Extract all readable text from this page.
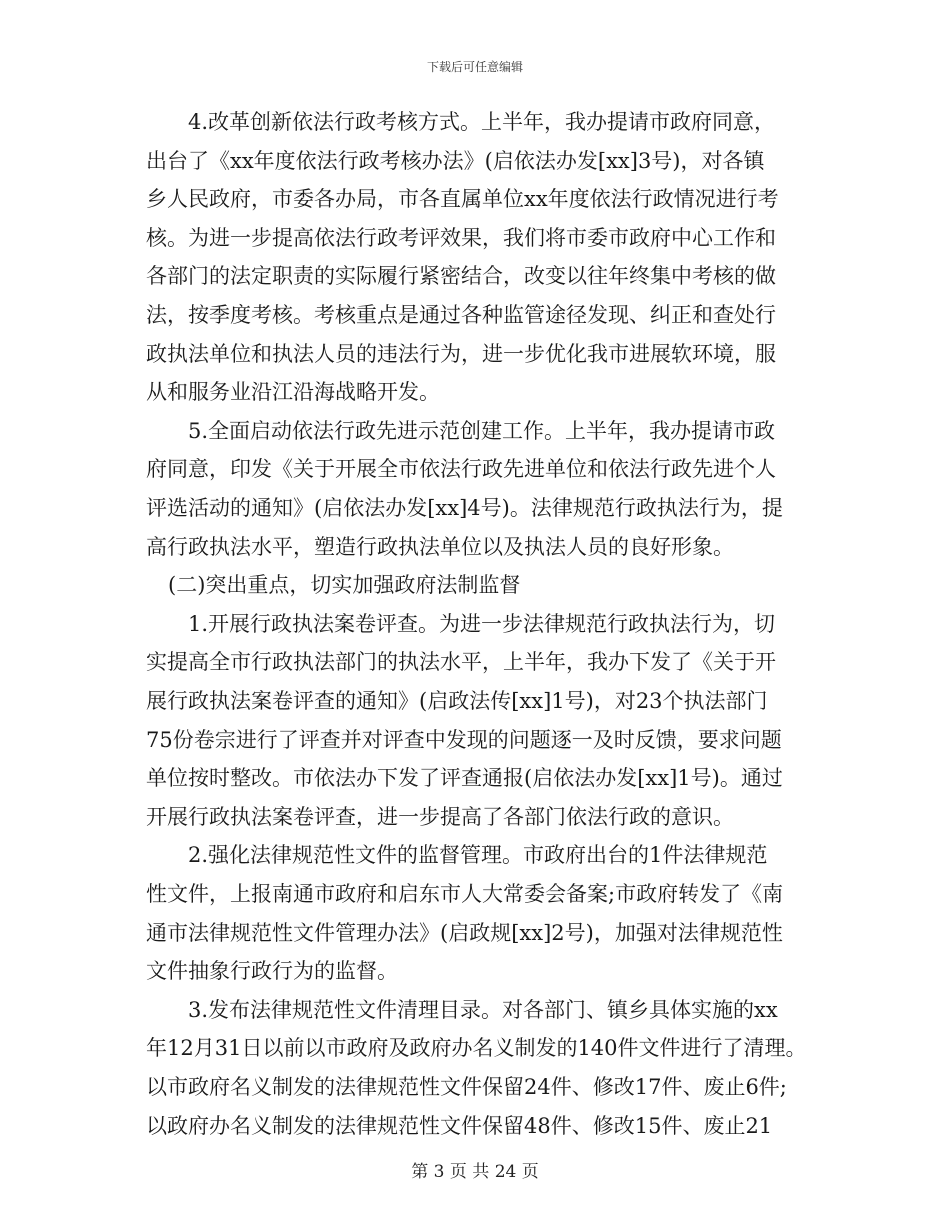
下载后可任意编辑
4.改革创新依法行政考核方式。上半年，我办提请市政府同意，
出台了《xx年度依法行政考核办法》(启依法办发[xx]3号)，对各镇
乡人民政府，市委各办局，市各直属单位xx年度依法行政情况进行考
核。为进一步提高依法行政考评效果，我们将市委市政府中心工作和
各部门的法定职责的实际履行紧密结合，改变以往年终集中考核的做
法，按季度考核。考核重点是通过各种监管途径发现、纠正和查处行
政执法单位和执法人员的违法行为，进一步优化我市进展软环境，服
从和服务业沿江沿海战略开发。
5.全面启动依法行政先进示范创建工作。上半年，我办提请市政
府同意，印发《关于开展全市依法行政先进单位和依法行政先进个人
评选活动的通知》(启依法办发[xx]4号)。法律规范行政执法行为，提
高行政执法水平，塑造行政执法单位以及执法人员的良好形象。
(二)突出重点，切实加强政府法制监督
1.开展行政执法案卷评查。为进一步法律规范行政执法行为，切
实提高全市行政执法部门的执法水平，上半年，我办下发了《关于开
展行政执法案卷评查的通知》(启政法传[xx]1号)，对23个执法部门
75份卷宗进行了评查并对评查中发现的问题逐一及时反馈，要求问题
单位按时整改。市依法办下发了评查通报(启依法办发[xx]1号)。通过
开展行政执法案卷评查，进一步提高了各部门依法行政的意识。
2.强化法律规范性文件的监督管理。市政府出台的1件法律规范
性文件，上报南通市政府和启东市人大常委会备案;市政府转发了《南
通市法律规范性文件管理办法》(启政规[xx]2号)，加强对法律规范性
文件抽象行政行为的监督。
3.发布法律规范性文件清理目录。对各部门、镇乡具体实施的xx
年12月31日以前以市政府及政府办名义制发的140件文件进行了清理。
以市政府名义制发的法律规范性文件保留24件、修改17件、废止6件;
以政府办名义制发的法律规范性文件保留48件、修改15件、废止21
第 3 页 共 24 页
